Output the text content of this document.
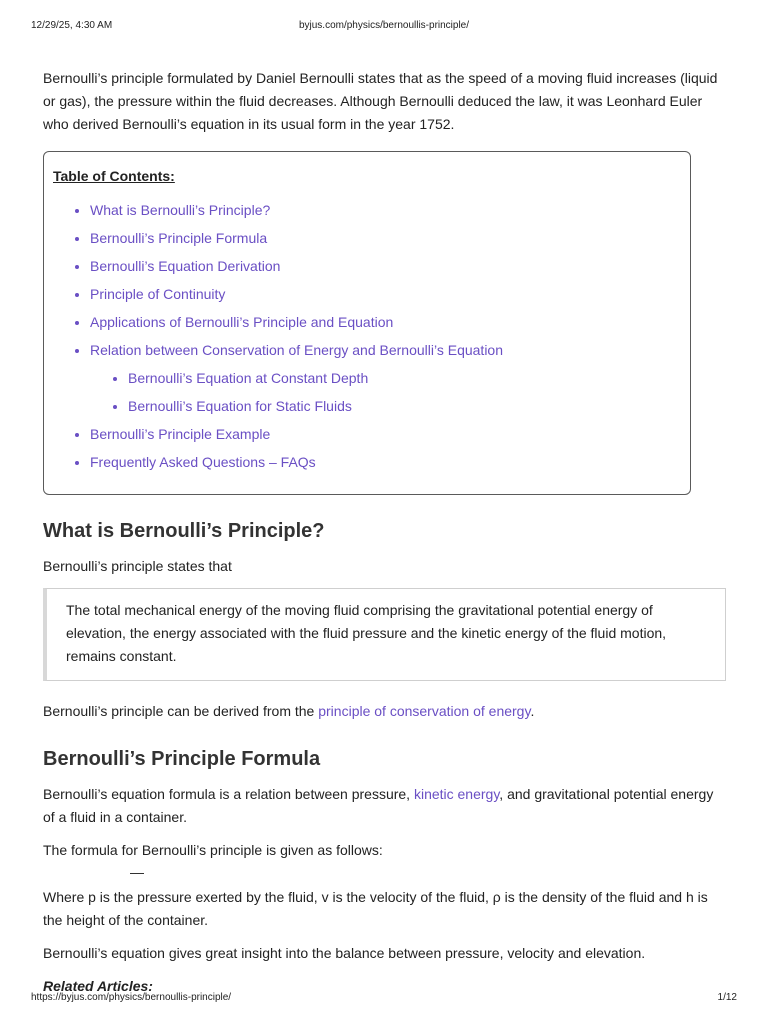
12/29/25, 4:30 AM	byjus.com/physics/bernoullis-principle/

Bernoulli’s principle formulated by Daniel Bernoulli states that as the speed of a moving fluid increases (liquid or gas), the pressure within the fluid decreases. Although Bernoulli deduced the law, it was Leonhard Euler who derived Bernoulli’s equation in its usual form in the year 1752.

Table of Contents:
• What is Bernoulli’s Principle?
• Bernoulli’s Principle Formula
• Bernoulli’s Equation Derivation
• Principle of Continuity
• Applications of Bernoulli’s Principle and Equation
• Relation between Conservation of Energy and Bernoulli’s Equation
• Bernoulli’s Equation at Constant Depth
• Bernoulli’s Equation for Static Fluids
• Bernoulli’s Principle Example
• Frequently Asked Questions – FAQs
What is Bernoulli’s Principle?

Bernoulli’s principle states that

The total mechanical energy of the moving fluid comprising the gravitational potential energy of elevation, the energy associated with the fluid pressure and the kinetic energy of the fluid motion, remains constant.

Bernoulli’s principle can be derived from the principle of conservation of energy.

Bernoulli’s Principle Formula

Bernoulli’s equation formula is a relation between pressure, kinetic energy, and gravitational potential energy of a fluid in a container.

The formula for Bernoulli’s principle is given as follows:

—

Where p is the pressure exerted by the fluid, v is the velocity of the fluid, ρ is the density of the fluid and h is the height of the container.

Bernoulli’s equation gives great insight into the balance between pressure, velocity and elevation.

Related Articles:
https://byjus.com/physics/bernoullis-principle/	1/12
